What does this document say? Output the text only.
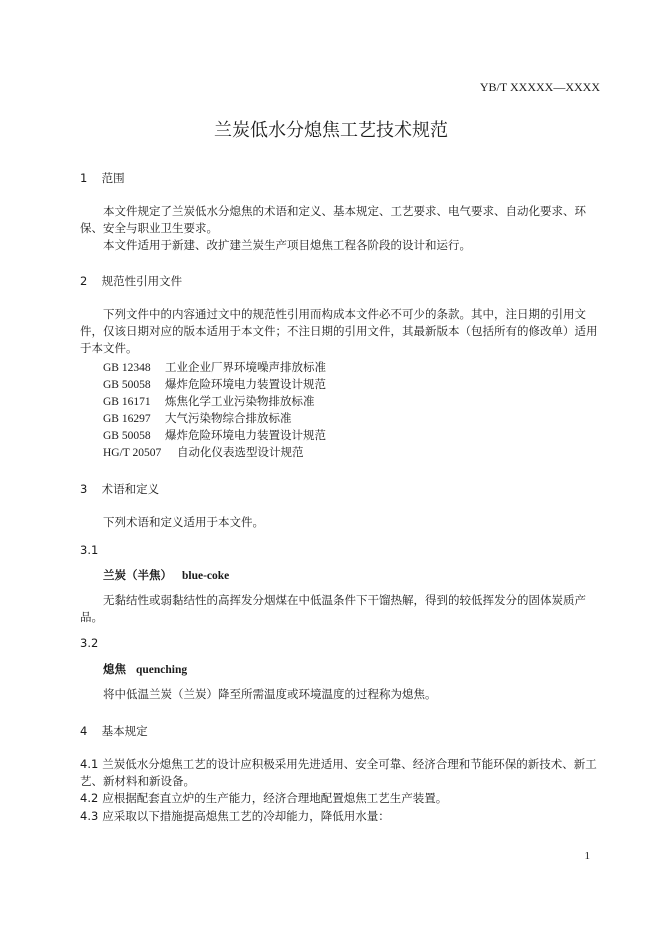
YB/T XXXXX—XXXX
兰炭低水分熄焦工艺技术规范
1 范围
本文件规定了兰炭低水分熄焦的术语和定义、基本规定、工艺要求、电气要求、自动化要求、环保、安全与职业卫生要求。
本文件适用于新建、改扩建兰炭生产项目熄焦工程各阶段的设计和运行。
2 规范性引用文件
下列文件中的内容通过文中的规范性引用而构成本文件必不可少的条款。其中，注日期的引用文件，仅该日期对应的版本适用于本文件；不注日期的引用文件，其最新版本（包括所有的修改单）适用于本文件。
GB 12348 工业企业厂界环境噪声排放标准
GB 50058 爆炸危险环境电力装置设计规范
GB 16171 炼焦化学工业污染物排放标准
GB 16297 大气污染物综合排放标准
GB 50058 爆炸危险环境电力装置设计规范
HG/T 20507 自动化仪表选型设计规范
3 术语和定义
下列术语和定义适用于本文件。
3.1
兰炭（半焦） blue-coke
无黏结性或弱黏结性的高挥发分烟煤在中低温条件下干馏热解，得到的较低挥发分的固体炭质产品。
3.2
熄焦 quenching
将中低温兰炭（兰炭）降至所需温度或环境温度的过程称为熄焦。
4 基本规定
4.1 兰炭低水分熄焦工艺的设计应积极采用先进适用、安全可靠、经济合理和节能环保的新技术、新工艺、新材料和新设备。
4.2 应根据配套直立炉的生产能力，经济合理地配置熄焦工艺生产装置。
4.3 应采取以下措施提高熄焦工艺的冷却能力，降低用水量：
1
